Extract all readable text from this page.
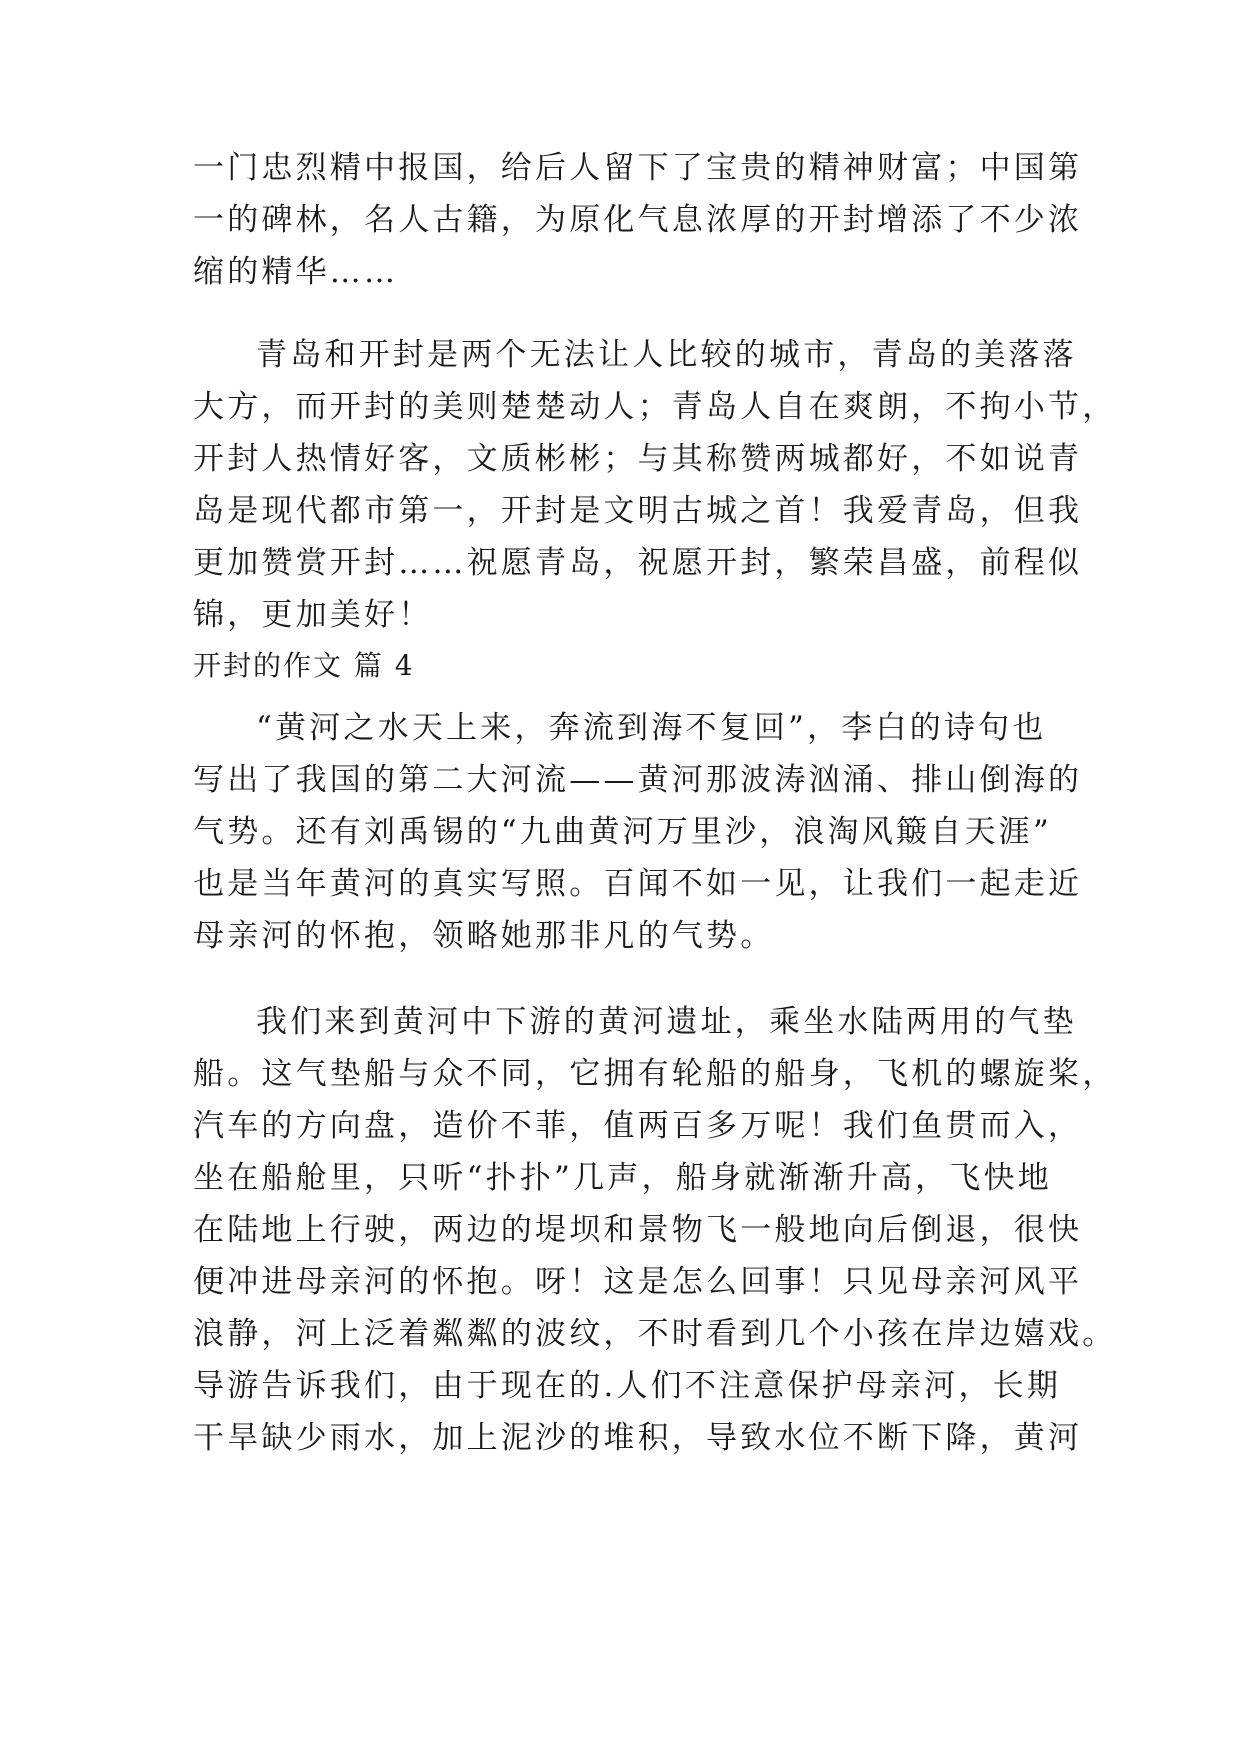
一门忠烈精中报国，给后人留下了宝贵的精神财富；中国第
一的碑林，名人古籍，为原化气息浓厚的开封增添了不少浓
缩的精华……
青岛和开封是两个无法让人比较的城市，青岛的美落落
大方，而开封的美则楚楚动人；青岛人自在爽朗，不拘小节，
开封人热情好客，文质彬彬；与其称赞两城都好，不如说青
岛是现代都市第一，开封是文明古城之首！我爱青岛，但我
更加赞赏开封……祝愿青岛，祝愿开封，繁荣昌盛，前程似
锦，更加美好！
开封的作文 篇 4
“黄河之水天上来，奔流到海不复回”，李白的诗句也
写出了我国的第二大河流——黄河那波涛汹涌、排山倒海的
气势。还有刘禹锡的“九曲黄河万里沙，浪淘风簸自天涯”
也是当年黄河的真实写照。百闻不如一见，让我们一起走近
母亲河的怀抱，领略她那非凡的气势。
我们来到黄河中下游的黄河遗址，乘坐水陆两用的气垫
船。这气垫船与众不同，它拥有轮船的船身，飞机的螺旋桨，
汽车的方向盘，造价不菲，值两百多万呢！我们鱼贯而入，
坐在船舱里，只听“扑扑”几声，船身就渐渐升高，飞快地
在陆地上行驶，两边的堤坝和景物飞一般地向后倒退，很快
便冲进母亲河的怀抱。呀！这是怎么回事！只见母亲河风平
浪静，河上泛着粼粼的波纹，不时看到几个小孩在岸边嬉戏。
导游告诉我们，由于现在的.人们不注意保护母亲河，长期
干旱缺少雨水，加上泥沙的堆积，导致水位不断下降，黄河
